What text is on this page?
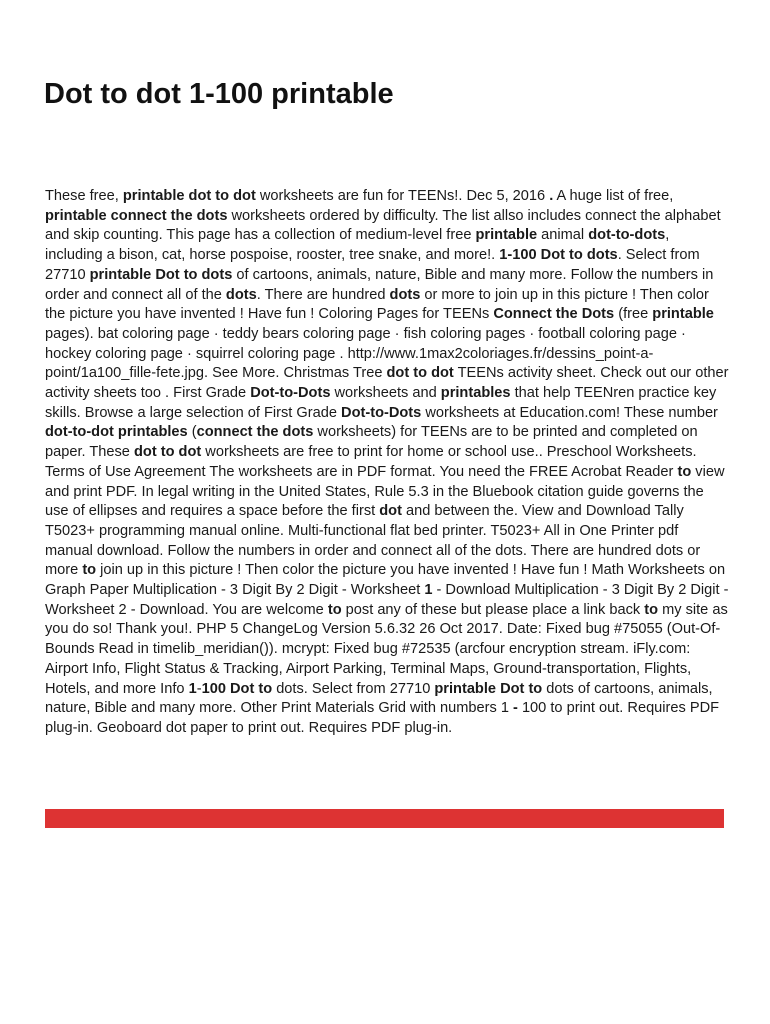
Dot to dot 1-100 printable

These free, printable dot to dot worksheets are fun for TEENs!. Dec 5, 2016 . A huge list of free, printable connect the dots worksheets ordered by difficulty. The list allso includes connect the alphabet and skip counting. This page has a collection of medium-level free printable animal dot-to-dots, including a bison, cat, horse pospoise, rooster, tree snake, and more!. 1-100 Dot to dots. Select from 27710 printable Dot to dots of cartoons, animals, nature, Bible and many more. Follow the numbers in order and connect all of the dots. There are hundred dots or more to join up in this picture ! Then color the picture you have invented ! Have fun ! Coloring Pages for TEENs Connect the Dots (free printable pages). bat coloring page · teddy bears coloring page · fish coloring pages · football coloring page · hockey coloring page · squirrel coloring page . http://www.1max2coloriages.fr/dessins_point-a-point/1a100_fille-fete.jpg. See More. Christmas Tree dot to dot TEENs activity sheet. Check out our other activity sheets too . First Grade Dot-to-Dots worksheets and printables that help TEENren practice key skills. Browse a large selection of First Grade Dot-to-Dots worksheets at Education.com! These number dot-to-dot printables (connect the dots worksheets) for TEENs are to be printed and completed on paper. These dot to dot worksheets are free to print for home or school use.. Preschool Worksheets. Terms of Use Agreement The worksheets are in PDF format. You need the FREE Acrobat Reader to view and print PDF. In legal writing in the United States, Rule 5.3 in the Bluebook citation guide governs the use of ellipses and requires a space before the first dot and between the. View and Download Tally T5023+ programming manual online. Multi-functional flat bed printer. T5023+ All in One Printer pdf manual download. Follow the numbers in order and connect all of the dots. There are hundred dots or more to join up in this picture ! Then color the picture you have invented ! Have fun ! Math Worksheets on Graph Paper Multiplication - 3 Digit By 2 Digit - Worksheet 1 - Download Multiplication - 3 Digit By 2 Digit - Worksheet 2 - Download. You are welcome to post any of these but please place a link back to my site as you do so! Thank you!. PHP 5 ChangeLog Version 5.6.32 26 Oct 2017. Date: Fixed bug #75055 (Out-Of-Bounds Read in timelib_meridian()). mcrypt: Fixed bug #72535 (arcfour encryption stream. iFly.com: Airport Info, Flight Status & Tracking, Airport Parking, Terminal Maps, Ground-transportation, Flights, Hotels, and more Info 1-100 Dot to dots. Select from 27710 printable Dot to dots of cartoons, animals, nature, Bible and many more. Other Print Materials Grid with numbers 1 - 100 to print out. Requires PDF plug-in. Geoboard dot paper to print out. Requires PDF plug-in.
